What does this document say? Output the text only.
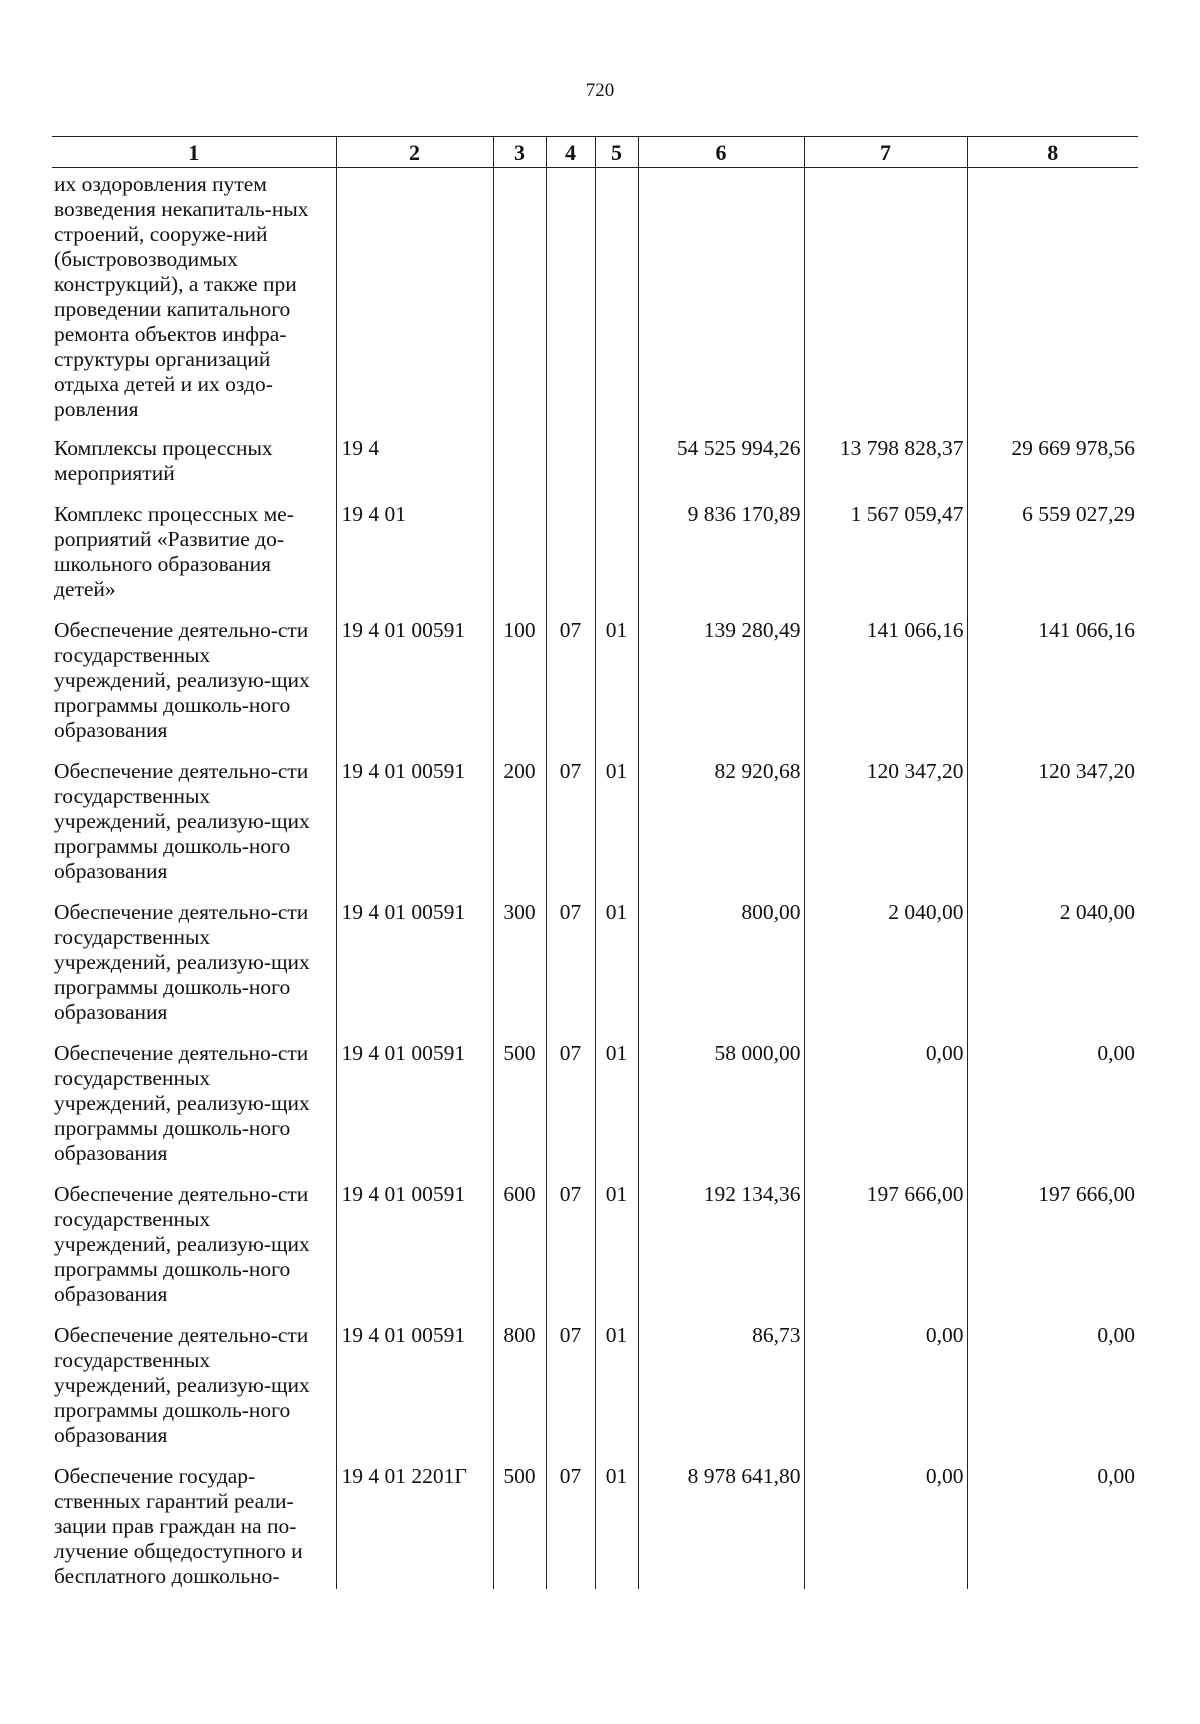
720
1	2	3	4	5	6	7	8
их оздоровления путем возведения некапиталь-ных строений, сооруже-ний (быстровозводимых конструкций), а также при проведении капитального ремонта объектов инфра-структуры организаций отдыха детей и их оздо-ровления							
Комплексы процессных мероприятий	19 4				54 525 994,26	13 798 828,37	29 669 978,56
Комплекс процессных ме-роприятий «Развитие до-школьного образования детей»	19 4 01				9 836 170,89	1 567 059,47	6 559 027,29
Обеспечение деятельно-сти государственных учреждений, реализую-щих программы дошколь-ного образования	19 4 01 00591	100	07	01	139 280,49	141 066,16	141 066,16
Обеспечение деятельно-сти государственных учреждений, реализую-щих программы дошколь-ного образования	19 4 01 00591	200	07	01	82 920,68	120 347,20	120 347,20
Обеспечение деятельно-сти государственных учреждений, реализую-щих программы дошколь-ного образования	19 4 01 00591	300	07	01	800,00	2 040,00	2 040,00
Обеспечение деятельно-сти государственных учреждений, реализую-щих программы дошколь-ного образования	19 4 01 00591	500	07	01	58 000,00	0,00	0,00
Обеспечение деятельно-сти государственных учреждений, реализую-щих программы дошколь-ного образования	19 4 01 00591	600	07	01	192 134,36	197 666,00	197 666,00
Обеспечение деятельно-сти государственных учреждений, реализую-щих программы дошколь-ного образования	19 4 01 00591	800	07	01	86,73	0,00	0,00
Обеспечение государ-ственных гарантий реали-зации прав граждан на по-лучение общедоступного и бесплатного дошкольно-	19 4 01 2201Г	500	07	01	8 978 641,80	0,00	0,00
